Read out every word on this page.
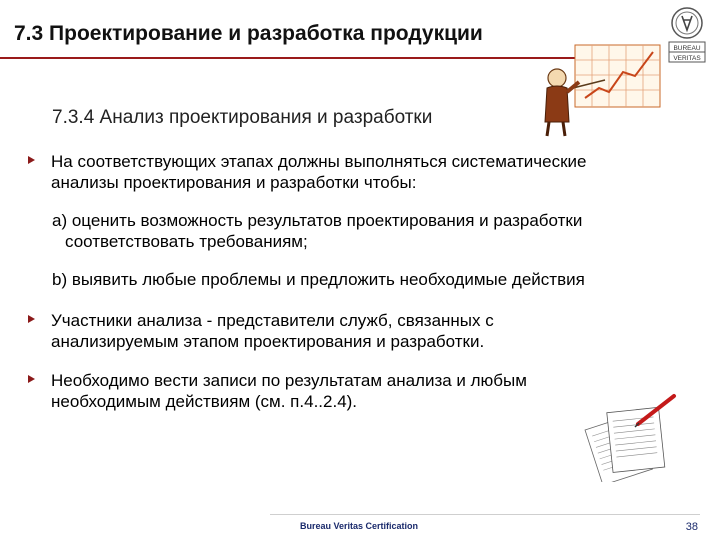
7.3 Проектирование и разработка продукции
BUREAU
VERITAS
7.3.4 Анализ проектирования и разработки
На соответствующих этапах должны выполняться систематические
анализы проектирования и разработки чтобы:
а) оценить возможность результатов проектирования и разработки
соответствовать требованиям;
b) выявить любые проблемы и предложить необходимые действия
Участники анализа - представители служб, связанных с
анализируемым этапом проектирования и разработки.
Необходимо вести записи по результатам анализа и любым
необходимым действиям (см. п.4..2.4).
Bureau Veritas Certification	38
